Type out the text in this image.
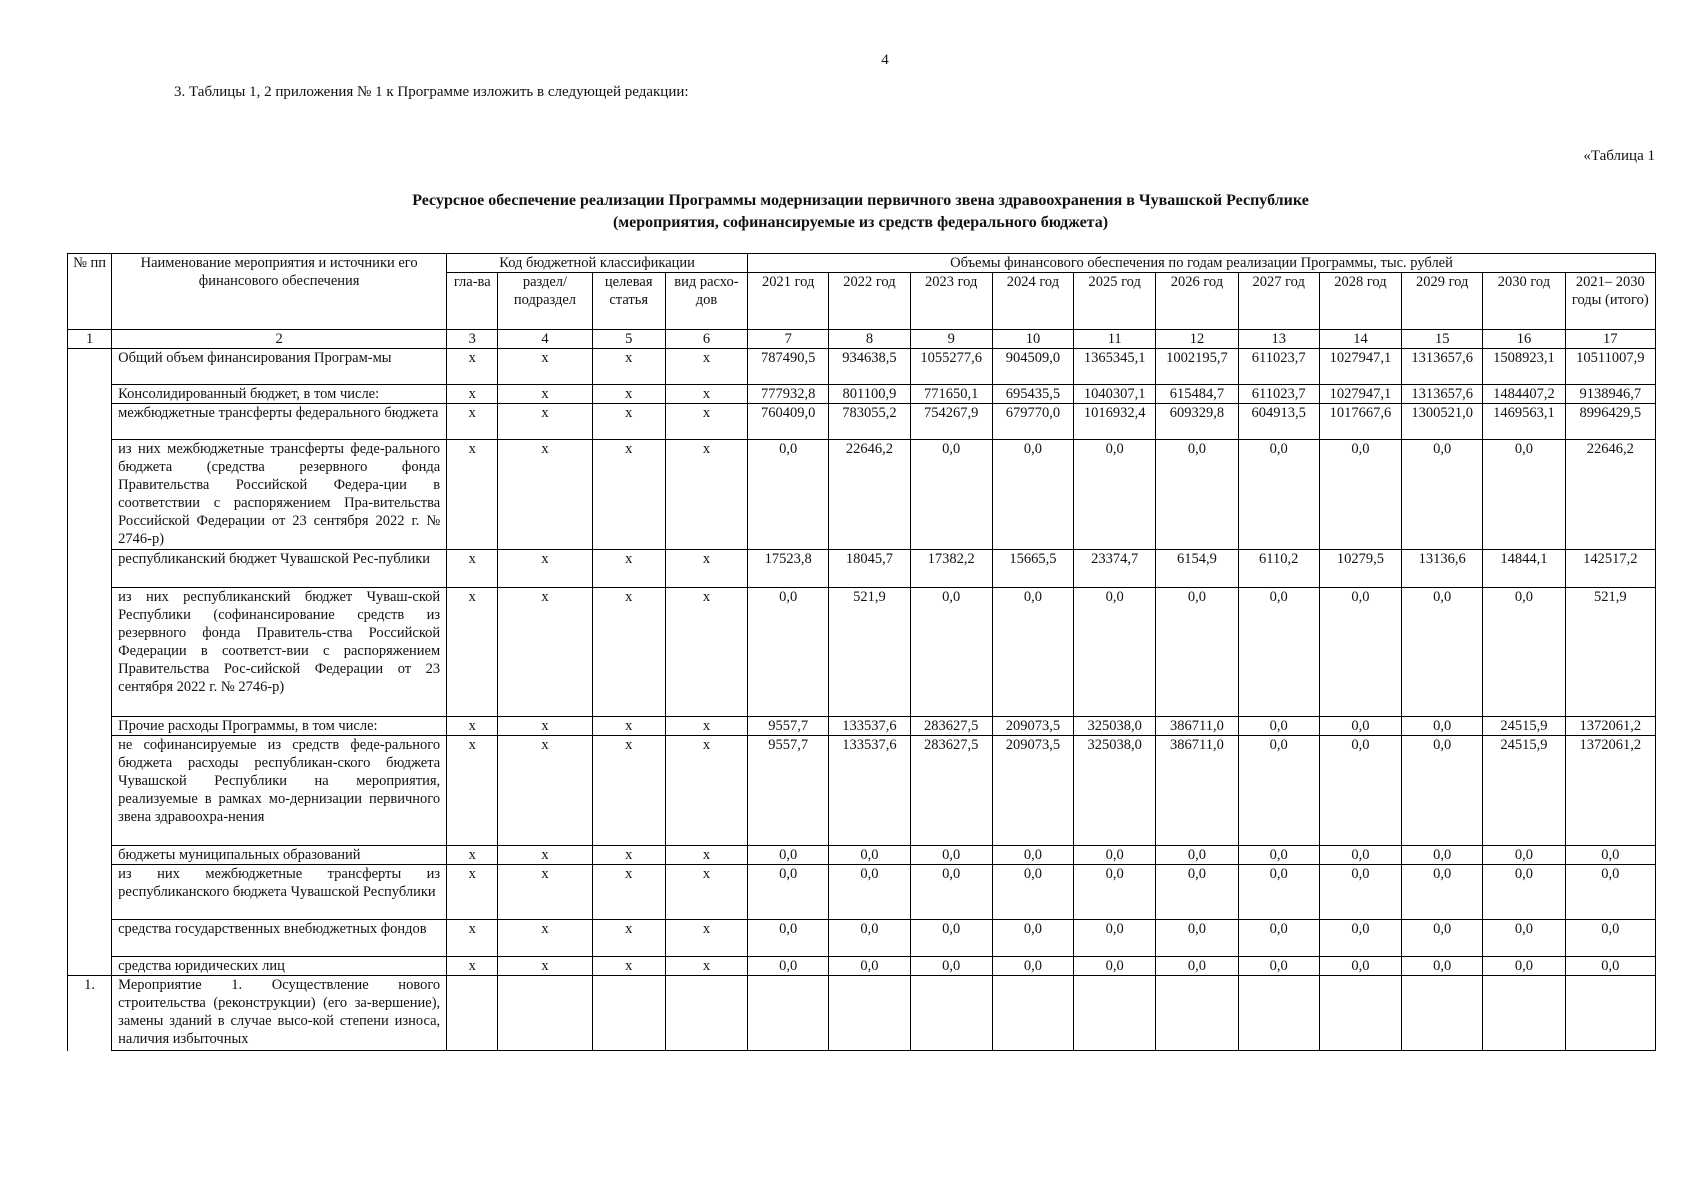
4
3. Таблицы 1, 2 приложения № 1 к Программе изложить в следующей редакции:
«Таблица 1
Ресурсное обеспечение реализации Программы модернизации первичного звена здравоохранения в Чувашской Республике
(мероприятия, софинансируемые из средств федерального бюджета)
№ пп	Наименование мероприятия и источники его финансового обеспечения	Код бюджетной классификации				Объемы финансового обеспечения по годам реализации Программы, тыс. рублей										
		гла-ва	раздел/ подраздел	целевая статья	вид расхо-дов	2021 год	2022 год	2023 год	2024 год	2025 год	2026 год	2027 год	2028 год	2029 год	2030 год	2021– 2030 годы (итого)
1	2	3	4	5	6	7	8	9	10	11	12	13	14	15	16	17
	Общий объем финансирования Програм-мы	x	x	x	x	787490,5	934638,5	1055277,6	904509,0	1365345,1	1002195,7	611023,7	1027947,1	1313657,6	1508923,1	10511007,9
	Консолидированный бюджет, в том числе:	x	x	x	x	777932,8	801100,9	771650,1	695435,5	1040307,1	615484,7	611023,7	1027947,1	1313657,6	1484407,2	9138946,7
	межбюджетные трансферты федерального бюджета	x	x	x	x	760409,0	783055,2	754267,9	679770,0	1016932,4	609329,8	604913,5	1017667,6	1300521,0	1469563,1	8996429,5
	из них межбюджетные трансферты феде-рального бюджета (средства резервного фонда Правительства Российской Федера-ции в соответствии с распоряжением Пра-вительства Российской Федерации от 23 сентября 2022 г. № 2746-р)	x	x	x	x	0,0	22646,2	0,0	0,0	0,0	0,0	0,0	0,0	0,0	0,0	22646,2
	республиканский бюджет Чувашской Рес-публики	x	x	x	x	17523,8	18045,7	17382,2	15665,5	23374,7	6154,9	6110,2	10279,5	13136,6	14844,1	142517,2
	из них республиканский бюджет Чуваш-ской Республики (софинансирование средств из резервного фонда Правитель-ства Российской Федерации в соответст-вии с распоряжением Правительства Рос-сийской Федерации от 23 сентября 2022 г. № 2746-р)	x	x	x	x	0,0	521,9	0,0	0,0	0,0	0,0	0,0	0,0	0,0	0,0	521,9
	Прочие расходы Программы, в том числе:	x	x	x	x	9557,7	133537,6	283627,5	209073,5	325038,0	386711,0	0,0	0,0	0,0	24515,9	1372061,2
	не софинансируемые из средств феде-рального бюджета расходы республикан-ского бюджета Чувашской Республики на мероприятия, реализуемые в рамках мо-дернизации первичного звена здравоохра-нения	x	x	x	x	9557,7	133537,6	283627,5	209073,5	325038,0	386711,0	0,0	0,0	0,0	24515,9	1372061,2
	бюджеты муниципальных образований	x	x	x	x	0,0	0,0	0,0	0,0	0,0	0,0	0,0	0,0	0,0	0,0	0,0
	из них межбюджетные трансферты из республиканского бюджета Чувашской Республики	x	x	x	x	0,0	0,0	0,0	0,0	0,0	0,0	0,0	0,0	0,0	0,0	0,0
	средства государственных внебюджетных фондов	x	x	x	x	0,0	0,0	0,0	0,0	0,0	0,0	0,0	0,0	0,0	0,0	0,0
	средства юридических лиц	x	x	x	x	0,0	0,0	0,0	0,0	0,0	0,0	0,0	0,0	0,0	0,0	0,0
1.	Мероприятие 1. Осуществление нового строительства (реконструкции) (его за-вершение), замены зданий в случае высо-кой степени износа, наличия избыточных															
